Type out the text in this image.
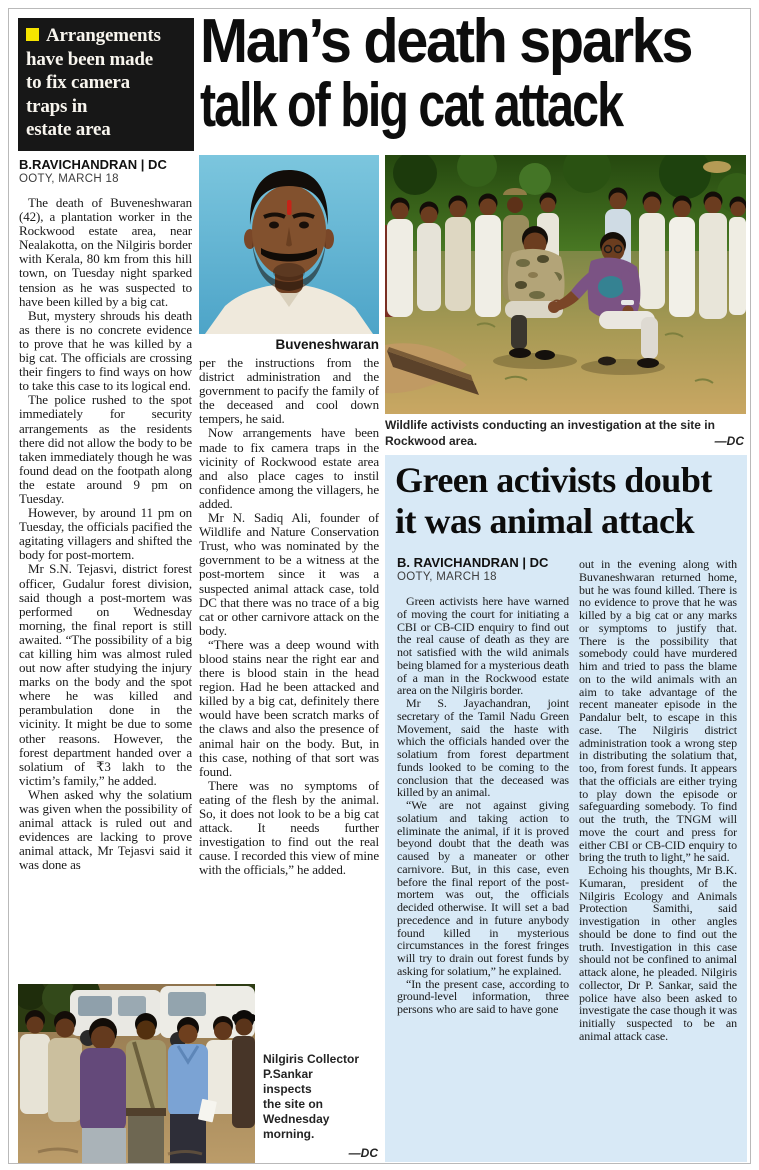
Arrangements
have been made
to fix camera
traps in
estate area
B.RAVICHANDRAN | DC
OOTY, MARCH 18
Man’s death sparks
talk of big cat attack

The death of Buveneshwaran (42), a plantation worker in the Rockwood estate area, near Nealakotta, on the Nilgiris border with Kerala, 80 km from this hill town, on Tuesday night sparked tension as he was suspected to have been killed by a big cat.

But, mystery shrouds his death as there is no concrete evidence to prove that he was killed by a big cat. The officials are crossing their fingers to find ways on how to take this case to its logical end.

The police rushed to the spot immediately for security arrangements as the residents there did not allow the body to be taken immediately though he was found dead on the footpath along the estate around 9 pm on Tuesday.

However, by around 11 pm on Tuesday, the officials pacified the agitating villagers and shifted the body for post-mortem.

Mr S.N. Tejasvi, district forest officer, Gudalur forest division, said though a post-mortem was performed on Wednesday morning, the final report is still awaited. “The possibility of a big cat killing him was almost ruled out now after studying the injury marks on the body and the spot where he was killed and perambulation done in the vicinity. It might be due to some other reasons. However, the forest department handed over a solatium of ₹3 lakh to the victim’s family,” he added.

When asked why the solatium was given when the possibility of animal attack is ruled out and evidences are lacking to prove animal attack, Mr Tejasvi said it was done as

Buveneshwaran

per the instructions from the district administration and the government to pacify the family of the deceased and cool down tempers, he said.

Now arrangements have been made to fix camera traps in the vicinity of Rockwood estate area and also place cages to instil confidence among the villagers, he added.

Mr N. Sadiq Ali, founder of Wildlife and Nature Conservation Trust, who was nominated by the government to be a witness at the post-mortem since it was a suspected animal attack case, told DC that there was no trace of a big cat or other carnivore attack on the body.

“There was a deep wound with blood stains near the right ear and there is blood stain in the head region. Had he been attacked and killed by a big cat, definitely there would have been scratch marks of the claws and also the presence of animal hair on the body. But, in this case, nothing of that sort was found.

There was no symptoms of eating of the flesh by the animal. So, it does not look to be a big cat attack. It needs further investigation to find out the real cause. I recorded this view of mine with the officials,” he added.

Wildlife activists conducting an investigation at the site in Rockwood area.	—DC
Green activists doubt
it was animal attack
B. RAVICHANDRAN | DC
OOTY, MARCH 18

Green activists here have warned of moving the court for initiating a CBI or CB-CID enquiry to find out the real cause of death as they are not satisfied with the wild animals being blamed for a mysterious death of a man in the Rockwood estate area on the Nilgiris border.

Mr S. Jayachandran, joint secretary of the Tamil Nadu Green Movement, said the haste with which the officials handed over the solatium from forest department funds looked to be coming to the conclusion that the deceased was killed by an animal.

“We are not against giving solatium and taking action to eliminate the animal, if it is proved beyond doubt that the death was caused by a maneater or other carnivore. But, in this case, even before the final report of the post-mortem was out, the officials decided otherwise. It will set a bad precedence and in future anybody found killed in mysterious circumstances in the forest fringes will try to drain out forest funds by asking for solatium,” he explained.

“In the present case, according to ground-level information, three persons who are said to have gone

out in the evening along with Buvaneshwaran returned home, but he was found killed. There is no evidence to prove that he was killed by a big cat or any marks or symptoms to justify that. There is the possibility that somebody could have murdered him and tried to pass the blame on to the wild animals with an aim to take advantage of the recent maneater episode in the Pandalur belt, to escape in this case. The Nilgiris district administration took a wrong step in distributing the solatium that, too, from forest funds. It appears that the officials are either trying to play down the episode or safeguarding somebody. To find out the truth, the TNGM will move the court and press for either CBI or CB-CID enquiry to bring the truth to light,” he said.

Echoing his thoughts, Mr B.K. Kumaran, president of the Nilgiris Ecology and Animals Protection Samithi, said investigation in other angles should be done to find out the truth. Investigation in this case should not be confined to animal attack alone, he pleaded. Nilgiris collector, Dr P. Sankar, said the police have also been asked to investigate the case though it was initially suspected to be an animal attack case.

Nilgiris Collector
P.Sankar
inspects
the site on
Wednesday
morning.
—DC
